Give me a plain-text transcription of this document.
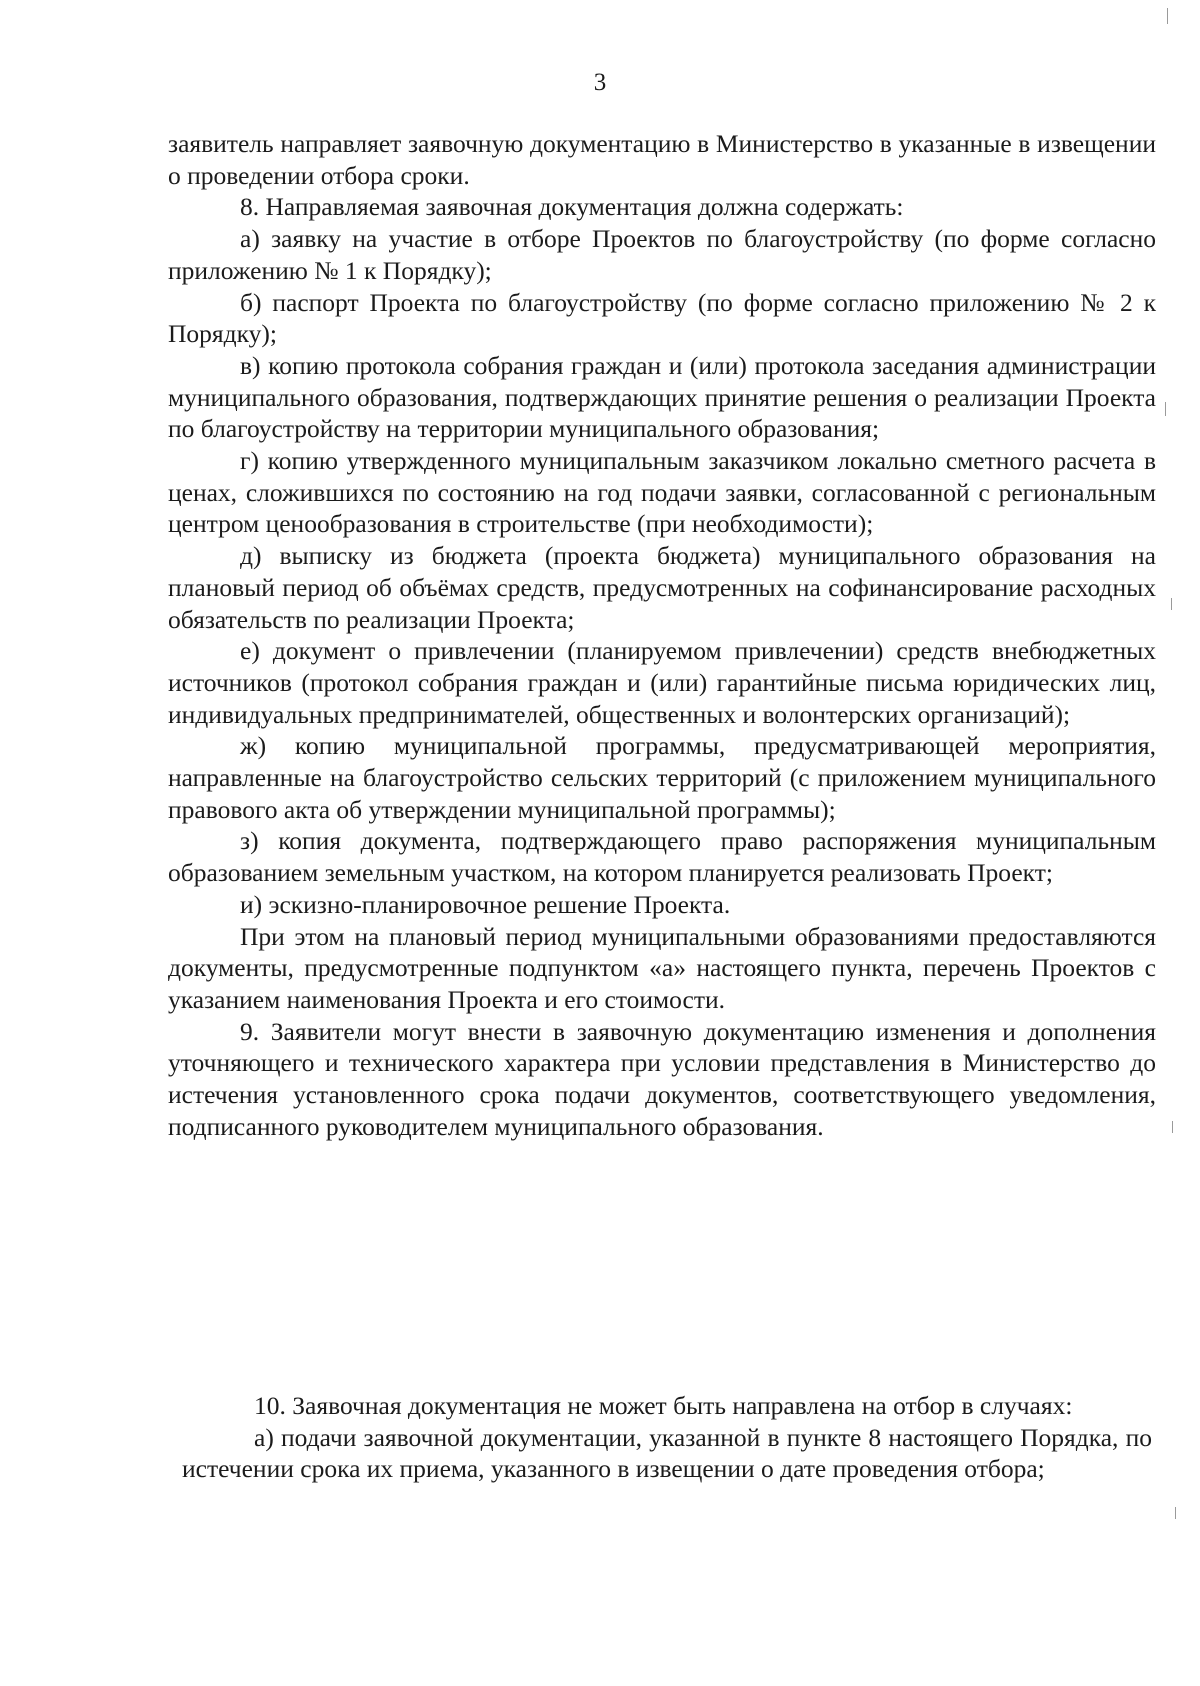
3

заявитель направляет заявочную документацию в Министерство в указанные в извещении о проведении отбора сроки.

8. Направляемая заявочная документация должна содержать:

а) заявку на участие в отборе Проектов по благоустройству (по форме согласно приложению № 1 к Порядку);

б) паспорт Проекта по благоустройству (по форме согласно приложению № 2 к Порядку);

в) копию протокола собрания граждан и (или) протокола заседания администрации муниципального образования, подтверждающих принятие решения о реализации Проекта по благоустройству на территории муниципального образования;

г) копию утвержденного муниципальным заказчиком локально сметного расчета в ценах, сложившихся по состоянию на год подачи заявки, согласованной с региональным центром ценообразования в строительстве (при необходимости);

д) выписку из бюджета (проекта бюджета) муниципального образования на плановый период об объёмах средств, предусмотренных на софинансирование расходных обязательств по реализации Проекта;

е) документ о привлечении (планируемом привлечении) средств внебюджетных источников (протокол собрания граждан и (или) гарантийные письма юридических лиц, индивидуальных предпринимателей, общественных и волонтерских организаций);

ж) копию муниципальной программы, предусматривающей мероприятия, направленные на благоустройство сельских территорий (с приложением муниципального правового акта об утверждении муниципальной программы);

з) копия документа, подтверждающего право распоряжения муниципальным образованием земельным участком, на котором планируется реализовать Проект;

и) эскизно-планировочное решение Проекта.

При этом на плановый период муниципальными образованиями предоставляются документы, предусмотренные подпунктом «а» настоящего пункта, перечень Проектов с указанием наименования Проекта и его стоимости.

9. Заявители могут внести в заявочную документацию изменения и дополнения уточняющего и технического характера при условии представления в Министерство до истечения установленного срока подачи документов, соответствующего уведомления, подписанного руководителем муниципального образования.

10. Заявочная документация не может быть направлена на отбор в случаях:

а) подачи заявочной документации, указанной в пункте 8 настоящего Порядка, по истечении срока их приема, указанного в извещении о дате проведения отбора;
